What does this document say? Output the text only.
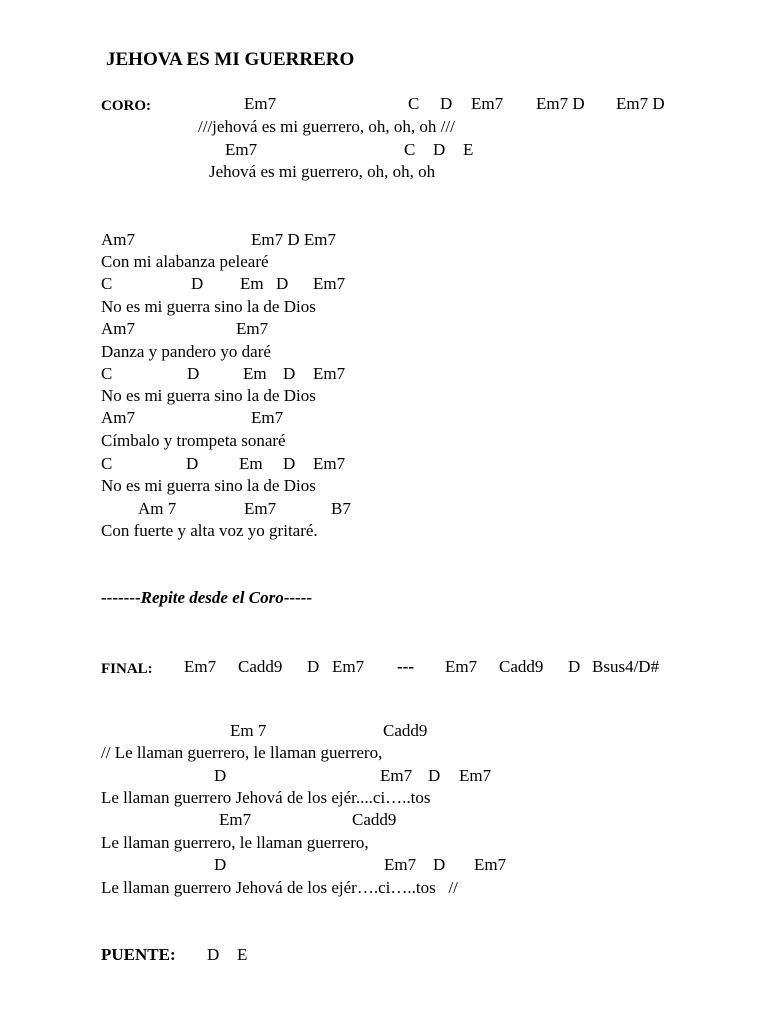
JEHOVA ES MI GUERRERO
CORO:	Em7	C D Em7 Em7 D Em7 D
///jehová es mi guerrero, oh, oh, oh ///
Em7	C D E
Jehová es mi guerrero, oh, oh, oh
Am7	Em7 D Em7
Con mi alabanza pelearé
C	D Em D Em7
No es mi guerra sino la de Dios
Am7	Em7
Danza y pandero yo daré
C	D	Em D Em7
No es mi guerra sino la de Dios
Am7	Em7
Címbalo y trompeta sonaré
C	D Em D Em7
No es mi guerra sino la de Dios
Am 7	Em7	B7
Con fuerte y alta voz yo gritaré.
-------Repite desde el Coro-----
FINAL: Em7 Cadd9 D Em7 --- Em7 Cadd9 D Bsus4/D#
Em 7	Cadd9
// Le llaman guerrero, le llaman guerrero,
D	Em7 D Em7
Le llaman guerrero Jehová de los ejér....ci…..tos
Em7	Cadd9
Le llaman guerrero, le llaman guerrero,
D	Em7 D Em7
Le llaman guerrero Jehová de los ejér….ci…..tos   //
PUENTE: D E
